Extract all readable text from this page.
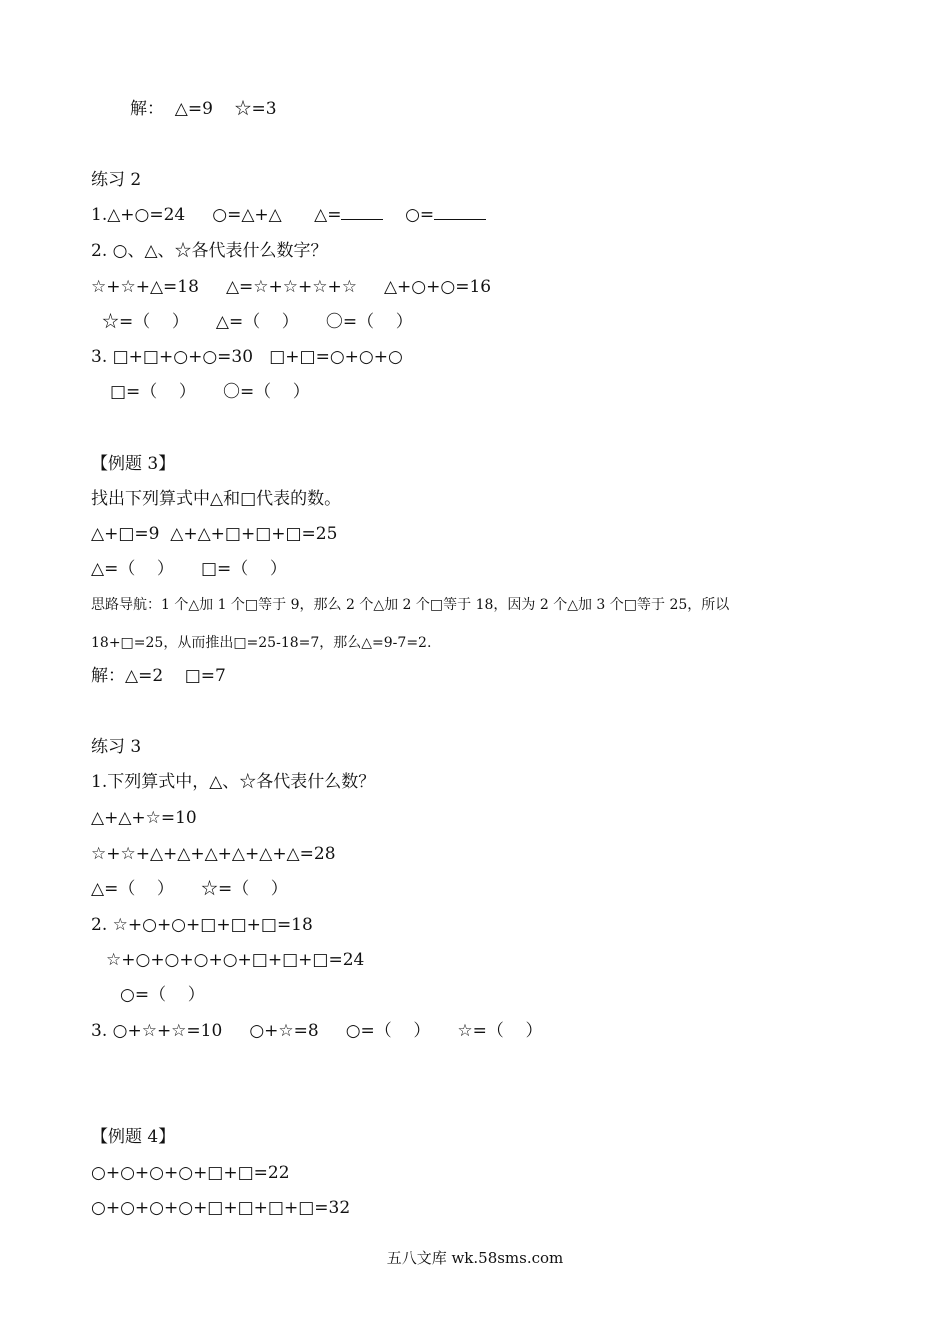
解：  △=9    ☆=3
练习 2
1.△+○=24     ○=△+△      △=    ○=
2. ○、△、☆各代表什么数字？
☆+☆+△=18     △=☆+☆+☆+☆     △+○+○=16
☆=（    ）     △=（    ）     〇=（    ）
3. □+□+○+○=30   □+□=○+○+○
□=（    ）     〇=（    ）
【例题 3】
找出下列算式中△和□代表的数。
△+□=9  △+△+□+□+□=25
△=（    ）     □=（    ）
思路导航：1 个△加 1 个□等于 9，那么 2 个△加 2 个□等于 18，因为 2 个△加 3 个□等于 25，所以
18+□=25，从而推出□=25-18=7，那么△=9-7=2.
解：△=2    □=7
练习 3
1.下列算式中，△、☆各代表什么数？
△+△+☆=10
☆+☆+△+△+△+△+△+△=28
△=（    ）     ☆=（    ）
2. ☆+○+○+□+□+□=18
☆+○+○+○+○+□+□+□=24
○=（    ）
3. ○+☆+☆=10     ○+☆=8     ○=（    ）     ☆=（    ）
【例题 4】
○+○+○+○+□+□=22
○+○+○+○+□+□+□+□=32
五八文库 wk.58sms.com
